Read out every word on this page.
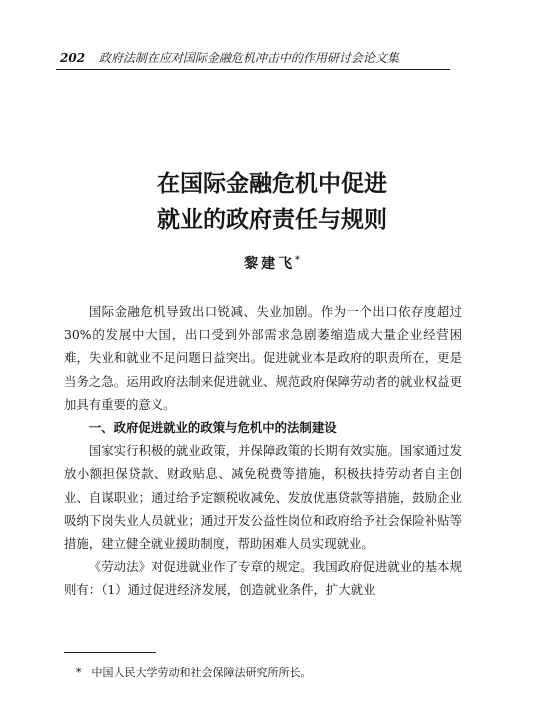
202 政府法制在应对国际金融危机冲击中的作用研讨会论文集
在国际金融危机中促进
就业的政府责任与规则
黎建飞*

国际金融危机导致出口锐减、失业加剧。作为一个出口依存度超过30%的发展中大国，出口受到外部需求急剧萎缩造成大量企业经营困难，失业和就业不足问题日益突出。促进就业本是政府的职责所在，更是当务之急。运用政府法制来促进就业、规范政府保障劳动者的就业权益更加具有重要的意义。

一、政府促进就业的政策与危机中的法制建设

国家实行积极的就业政策，并保障政策的长期有效实施。国家通过发放小额担保贷款、财政贴息、减免税费等措施，积极扶持劳动者自主创业、自谋职业；通过给予定额税收减免、发放优惠贷款等措施，鼓励企业吸纳下岗失业人员就业；通过开发公益性岗位和政府给予社会保险补贴等措施，建立健全就业援助制度，帮助困难人员实现就业。

《劳动法》对促进就业作了专章的规定。我国政府促进就业的基本规则有：（1）通过促进经济发展，创造就业条件，扩大就业

* 中国人民大学劳动和社会保障法研究所所长。
